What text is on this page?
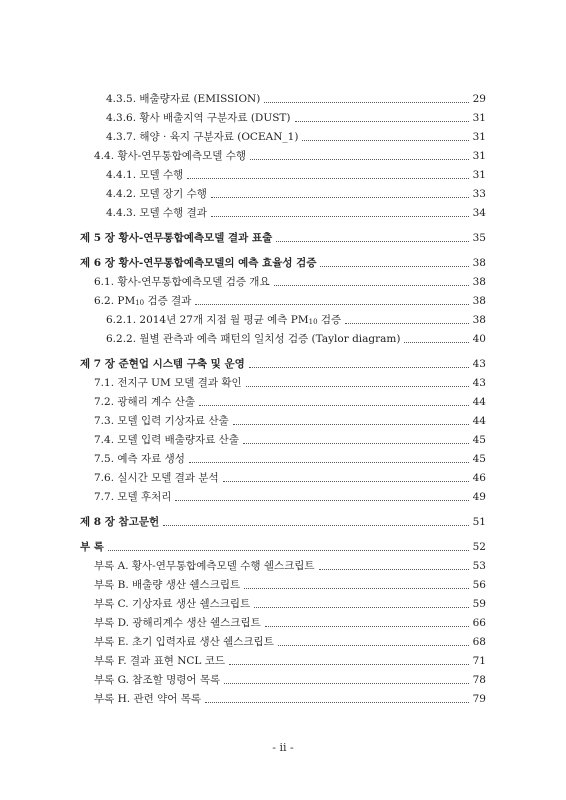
4.3.5. 배출량자료 (EMISSION)	29
4.3.6. 황사 배출지역 구분자료 (DUST)	31
4.3.7. 해양 · 육지 구분자료 (OCEAN_1)	31
4.4. 황사-연무통합예측모델 수행	31
4.4.1. 모델 수행	31
4.4.2. 모델 장기 수행	33
4.4.3. 모델 수행 결과	34
제 5 장 황사-연무통합예측모델 결과 표출	35
제 6 장 황사-연무통합예측모델의 예측 효율성 검증	38
6.1. 황사-연무통합예측모델 검증 개요	38
6.2. $PM_{10}$ 검증 결과	38
6.2.1. 2014년 27개 지점 월 평균 예측 $PM_{10}$ 검증	38
6.2.2. 월별 관측과 예측 패턴의 일치성 검증 (Taylor diagram)	40
제 7 장 준현업 시스템 구축 및 운영	43
7.1. 전지구 UM 모델 결과 확인	43
7.2. 광해리 계수 산출	44
7.3. 모델 입력 기상자료 산출	44
7.4. 모델 입력 배출량자료 산출	45
7.5. 예측 자료 생성	45
7.6. 실시간 모델 결과 분석	46
7.7. 모델 후처리	49
제 8 장 참고문헌	51
부 록	52
부록 A. 황사-연무통합예측모델 수행 쉘스크립트	53
부록 B. 배출량 생산 쉘스크립트	56
부록 C. 기상자료 생산 쉘스크립트	59
부록 D. 광해리계수 생산 쉘스크립트	66
부록 E. 초기 입력자료 생산 쉘스크립트	68
부록 F. 결과 표현 NCL 코드	71
부록 G. 참조할 명령어 목록	78
부록 H. 관련 약어 목록	79
- ii -
